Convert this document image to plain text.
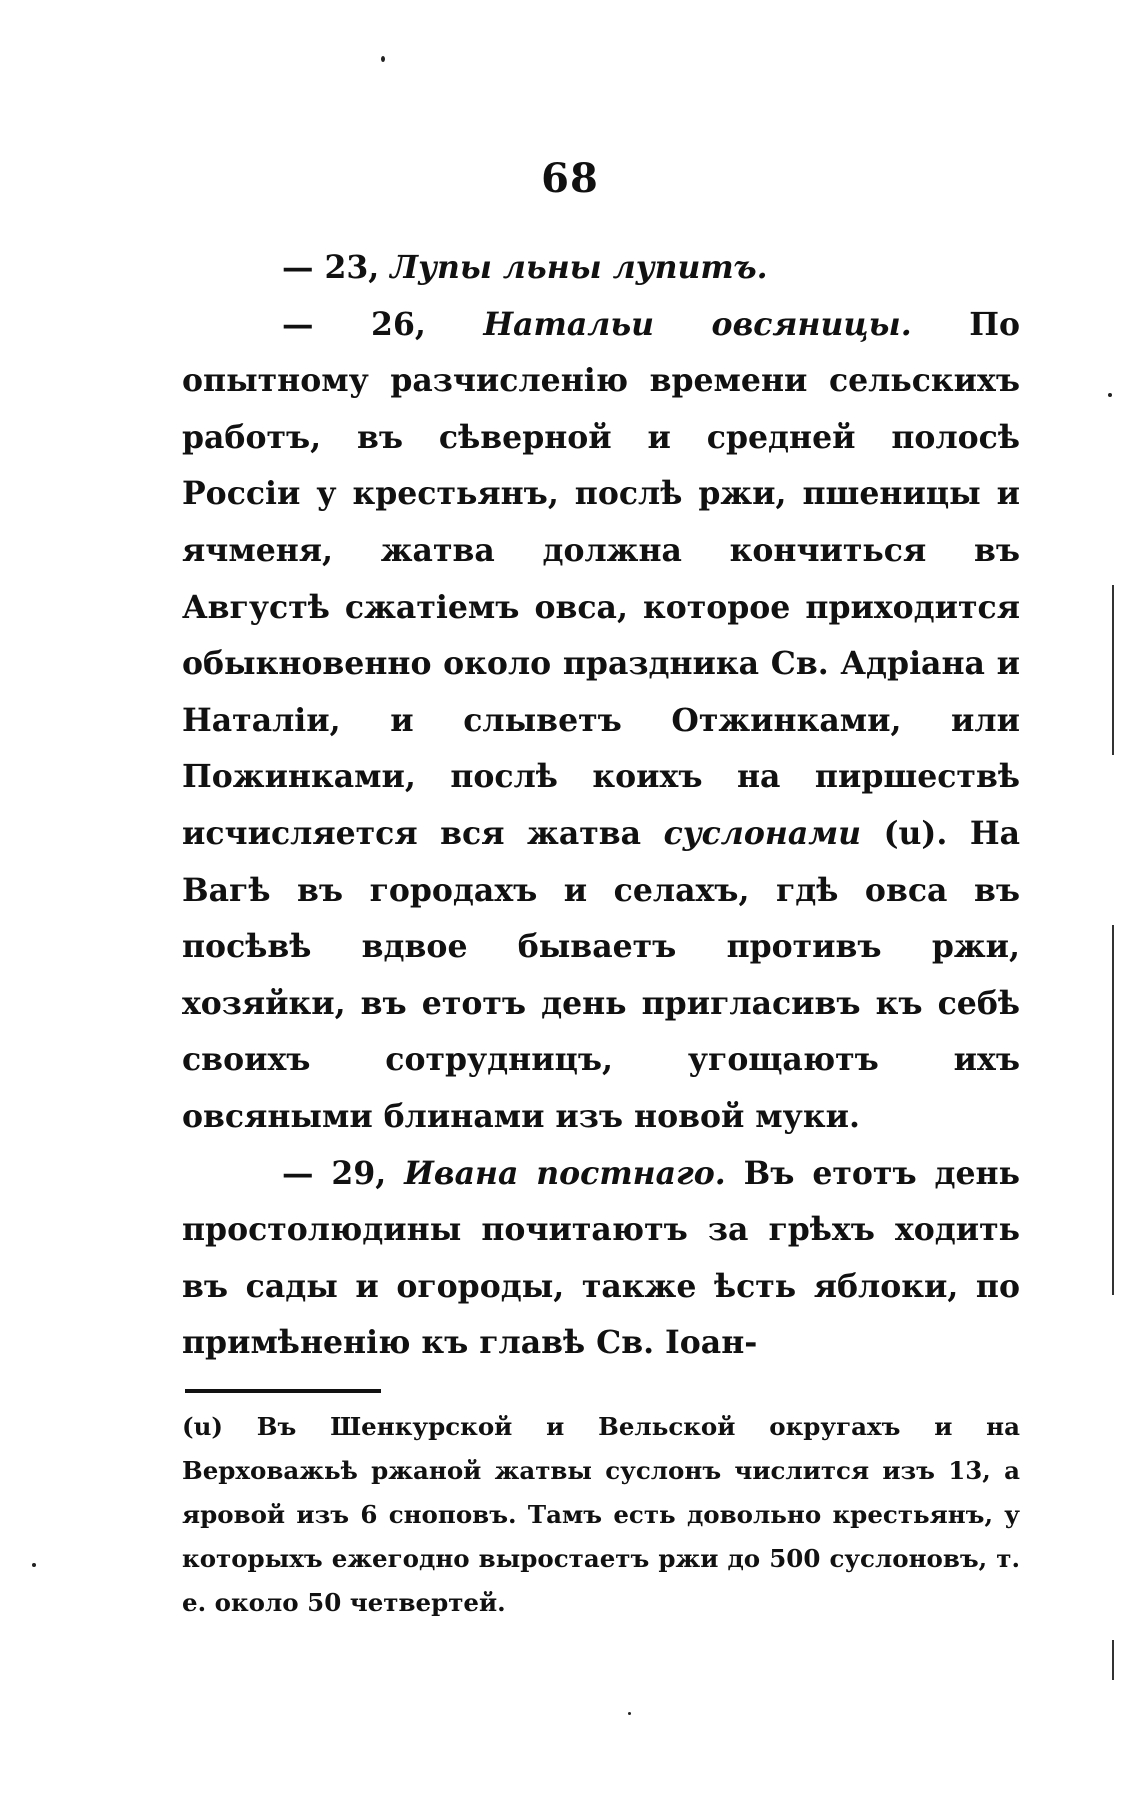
68

— 23, Лупы льны лупитъ.

— 26, Натальи овсяницы. По опытному разчисленію времени сельскихъ работъ, въ сѣверной и средней полосѣ Россіи у крестьянъ, послѣ ржи, пшеницы и ячменя, жатва должна кончиться въ Августѣ сжатіемъ овса, которое приходится обыкновенно около праздника Св. Адріана и Наталіи, и слыветъ Отжинками, или Пожинками, послѣ коихъ на пиршествѣ исчисляется вся жатва суслонами (u). На Вагѣ въ городахъ и селахъ, гдѣ овса въ посѣвѣ вдвое бываетъ противъ ржи, хозяйки, въ етотъ день пригласивъ къ себѣ своихъ сотрудницъ, угощаютъ ихъ овсяными блинами изъ новой муки.

— 29, Ивана постнаго. Въ етотъ день простолюдины почитаютъ за грѣхъ ходить въ сады и огороды, также ѣсть яблоки, по примѣненію къ главѣ Св. Іоан-

(u) Въ Шенкурской и Вельской округахъ и на Верховажьѣ ржаной жатвы суслонъ числится изъ 13, а яровой изъ 6 сноповъ. Тамъ есть довольно крестьянъ, у которыхъ ежегодно выростаетъ ржи до 500 суслоновъ, т. е. около 50 четвертей.
